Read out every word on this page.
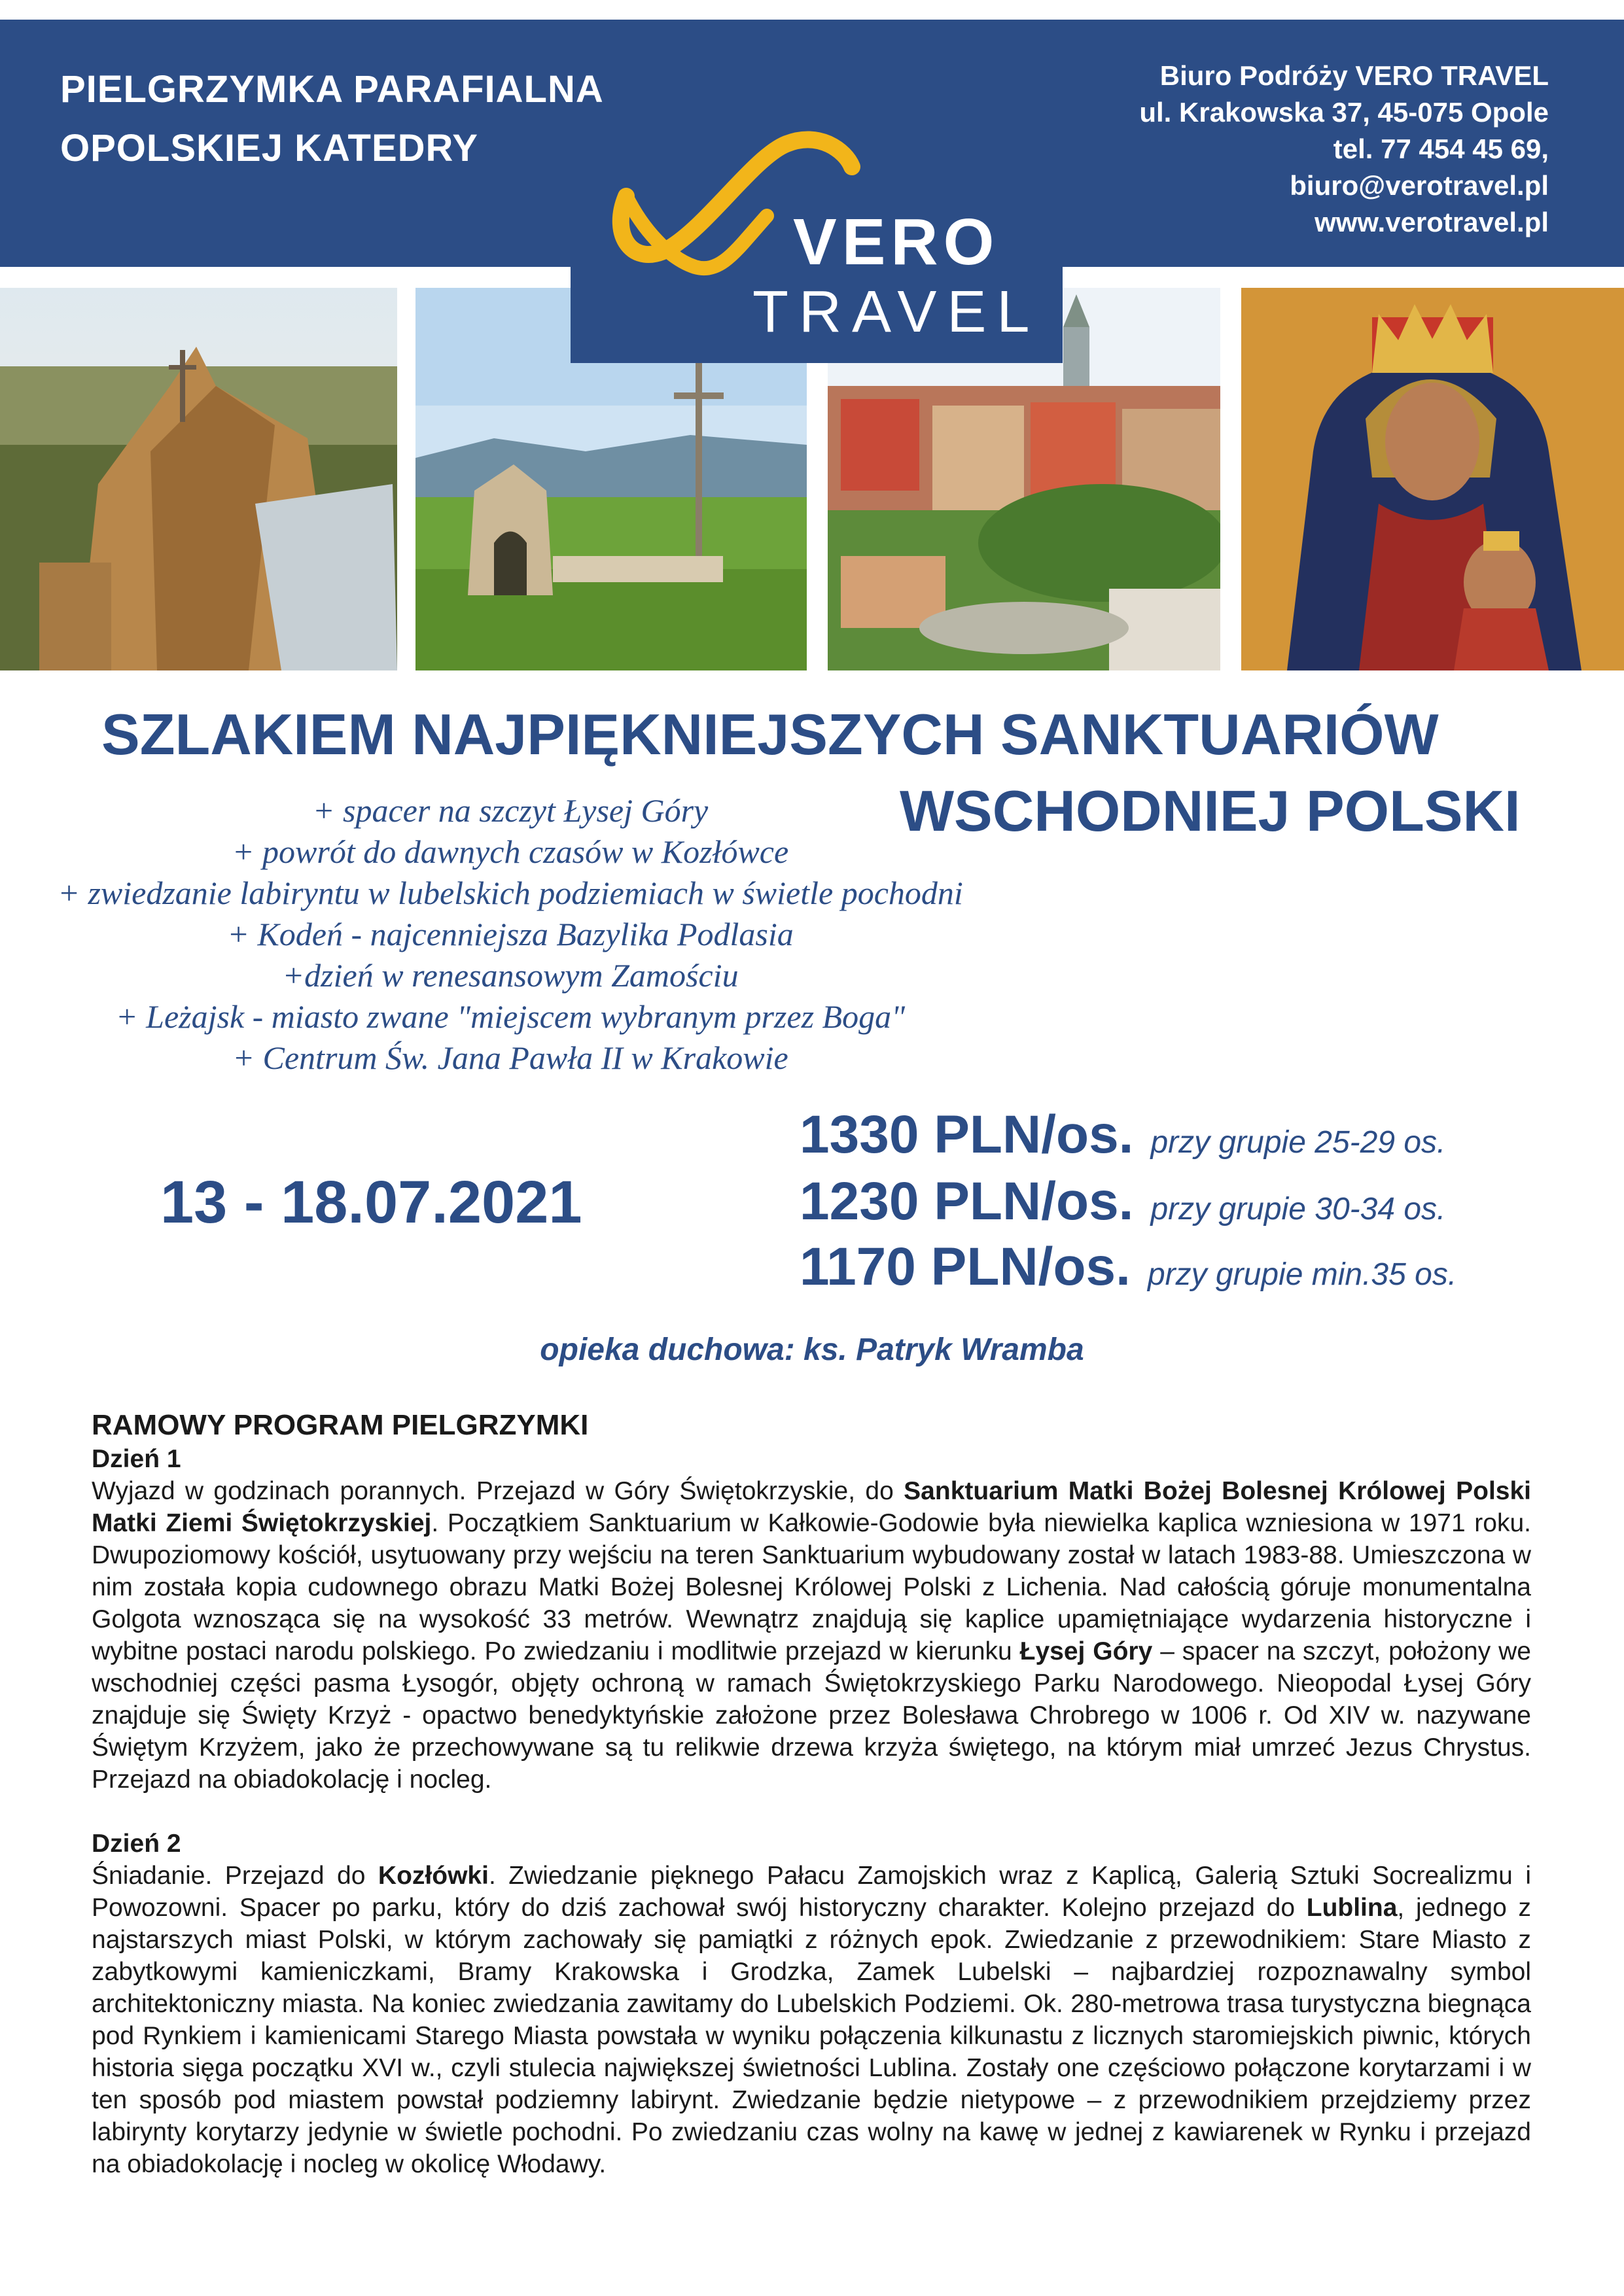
PIELGRZYMKA PARAFIALNA
OPOLSKIEJ KATEDRY
Biuro Podróży VERO TRAVEL
ul. Krakowska 37, 45-075 Opole
tel. 77 454 45 69,
biuro@verotravel.pl
www.verotravel.pl
VERO
TRAVEL
SZLAKIEM NAJPIĘKNIEJSZYCH SANKTUARIÓW
WSCHODNIEJ POLSKI
+ spacer na szczyt Łysej Góry
+ powrót do dawnych czasów w Kozłówce
+ zwiedzanie labiryntu w lubelskich podziemiach w świetle pochodni
+ Kodeń - najcenniejsza Bazylika Podlasia
+dzień w renesansowym Zamościu
+ Leżajsk - miasto zwane "miejscem wybranym przez Boga"
+ Centrum Św. Jana Pawła II w Krakowie
13 - 18.07.2021
1330 PLN/os. przy grupie 25-29 os.
1230 PLN/os. przy grupie 30-34 os.
1170 PLN/os. przy grupie min.35 os.
opieka duchowa: ks. Patryk Wramba
RAMOWY PROGRAM PIELGRZYMKI
Dzień 1
Wyjazd w godzinach porannych. Przejazd w Góry Świętokrzyskie, do Sanktuarium Matki Bożej Bolesnej Królowej Polski Matki Ziemi Świętokrzyskiej. Początkiem Sanktuarium w Kałkowie-Godowie była niewielka kaplica wzniesiona w 1971 roku. Dwupoziomowy kościół, usytuowany przy wejściu na teren Sanktuarium wybudowany został w latach 1983-88. Umieszczona w nim została kopia cudownego obrazu Matki Bożej Bolesnej Królowej Polski z Lichenia. Nad całością góruje monumentalna Golgota wznosząca się na wysokość 33 metrów. Wewnątrz znajdują się kaplice upamiętniające wydarzenia historyczne i wybitne postaci narodu polskiego. Po zwiedzaniu i modlitwie przejazd w kierunku Łysej Góry – spacer na szczyt, położony we wschodniej części pasma Łysogór, objęty ochroną w ramach Świętokrzyskiego Parku Narodowego. Nieopodal Łysej Góry znajduje się Święty Krzyż - opactwo benedyktyńskie założone przez Bolesława Chrobrego w 1006 r. Od XIV w. nazywane Świętym Krzyżem, jako że przechowywane są tu relikwie drzewa krzyża świętego, na którym miał umrzeć Jezus Chrystus. Przejazd na obiadokolację i nocleg.
Dzień 2
Śniadanie. Przejazd do Kozłówki. Zwiedzanie pięknego Pałacu Zamojskich wraz z Kaplicą, Galerią Sztuki Socrealizmu i Powozowni. Spacer po parku, który do dziś zachował swój historyczny charakter. Kolejno przejazd do Lublina, jednego z najstarszych miast Polski, w którym zachowały się pamiątki z różnych epok. Zwiedzanie z przewodnikiem: Stare Miasto z zabytkowymi kamieniczkami, Bramy Krakowska i Grodzka, Zamek Lubelski – najbardziej rozpoznawalny symbol architektoniczny miasta. Na koniec zwiedzania zawitamy do Lubelskich Podziemi. Ok. 280-metrowa trasa turystyczna biegnąca pod Rynkiem i kamienicami Starego Miasta powstała w wyniku połączenia kilkunastu z licznych staromiejskich piwnic, których historia sięga początku XVI w., czyli stulecia największej świetności Lublina. Zostały one częściowo połączone korytarzami i w ten sposób pod miastem powstał podziemny labirynt. Zwiedzanie będzie nietypowe – z przewodnikiem przejdziemy przez labirynty korytarzy jedynie w świetle pochodni. Po zwiedzaniu czas wolny na kawę w jednej z kawiarenek w Rynku i przejazd na obiadokolację i nocleg w okolicę Włodawy.
